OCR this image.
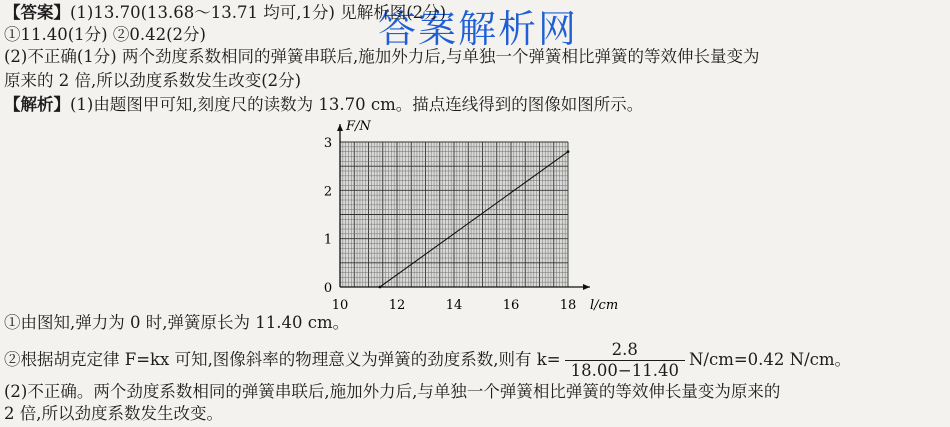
答案解析网
【答案】(1)13.70(13.68～13.71 均可,1分) 见解析图(2分)
①11.40(1分) ②0.42(2分)
(2)不正确(1分) 两个劲度系数相同的弹簧串联后,施加外力后,与单独一个弹簧相比弹簧的等效伸长量变为
原来的 2 倍,所以劲度系数发生改变(2分)
【解析】(1)由题图甲可知,刻度尺的读数为 13.70 cm。描点连线得到的图像如图所示。
10	12	14	16	18
0
1
2
3
F/N
l/cm
①由图知,弹力为 0 时,弹簧原长为 11.40 cm。
②根据胡克定律 F=kx 可知,图像斜率的物理意义为弹簧的劲度系数,则有 $k= \frac{2.8}{18.00-11.40} N/cm=0.42$ N/cm。
(2)不正确。两个劲度系数相同的弹簧串联后,施加外力后,与单独一个弹簧相比弹簧的等效伸长量变为原来的
2 倍,所以劲度系数发生改变。
